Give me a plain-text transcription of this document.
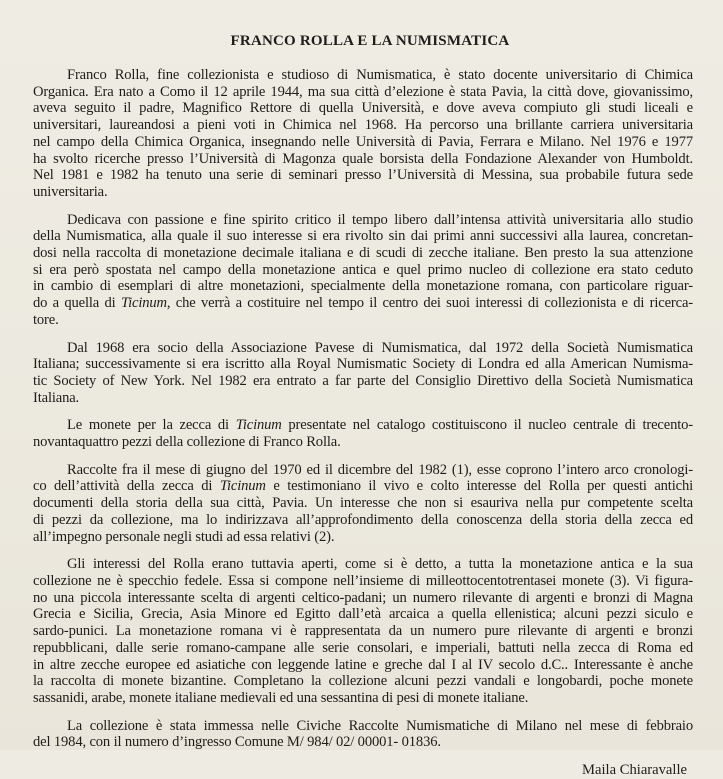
FRANCO ROLLA E LA NUMISMATICA
Franco Rolla, fine collezionista e studioso di Numismatica, è stato docente universitario di Chimica
Organica. Era nato a Como il 12 aprile 1944, ma sua città d’elezione è stata Pavia, la città dove, giovanissimo,
aveva seguito il padre, Magnifico Rettore di quella Università, e dove aveva compiuto gli studi liceali e
universitari, laureandosi a pieni voti in Chimica nel 1968. Ha percorso una brillante carriera universitaria
nel campo della Chimica Organica, insegnando nelle Università di Pavia, Ferrara e Milano. Nel 1976 e 1977
ha svolto ricerche presso l’Università di Magonza quale borsista della Fondazione Alexander von Humboldt.
Nel 1981 e 1982 ha tenuto una serie di seminari presso l’Università di Messina, sua probabile futura sede
universitaria.
Dedicava con passione e fine spirito critico il tempo libero dall’intensa attività universitaria allo studio
della Numismatica, alla quale il suo interesse si era rivolto sin dai primi anni successivi alla laurea, concretan-
dosi nella raccolta di monetazione decimale italiana e di scudi di zecche italiane. Ben presto la sua attenzione
si era però spostata nel campo della monetazione antica e quel primo nucleo di collezione era stato ceduto
in cambio di esemplari di altre monetazioni, specialmente della monetazione romana, con particolare riguar-
do a quella di Ticinum, che verrà a costituire nel tempo il centro dei suoi interessi di collezionista e di ricerca-
tore.
Dal 1968 era socio della Associazione Pavese di Numismatica, dal 1972 della Società Numismatica
Italiana; successivamente si era iscritto alla Royal Numismatic Society di Londra ed alla American Numisma-
tic Society of New York. Nel 1982 era entrato a far parte del Consiglio Direttivo della Società Numismatica
Italiana.
Le monete per la zecca di Ticinum presentate nel catalogo costituiscono il nucleo centrale di trecento-
novantaquattro pezzi della collezione di Franco Rolla.
Raccolte fra il mese di giugno del 1970 ed il dicembre del 1982 (1), esse coprono l’intero arco cronologi-
co dell’attività della zecca di Ticinum e testimoniano il vivo e colto interesse del Rolla per questi antichi
documenti della storia della sua città, Pavia. Un interesse che non si esauriva nella pur competente scelta
di pezzi da collezione, ma lo indirizzava all’approfondimento della conoscenza della storia della zecca ed
all’impegno personale negli studi ad essa relativi (2).
Gli interessi del Rolla erano tuttavia aperti, come si è detto, a tutta la monetazione antica e la sua
collezione ne è specchio fedele. Essa si compone nell’insieme di milleottocentotrentasei monete (3). Vi figura-
no una piccola interessante scelta di argenti celtico-padani; un numero rilevante di argenti e bronzi di Magna
Grecia e Sicilia, Grecia, Asia Minore ed Egitto dall’età arcaica a quella ellenistica; alcuni pezzi siculo e
sardo-punici. La monetazione romana vi è rappresentata da un numero pure rilevante di argenti e bronzi
repubblicani, dalle serie romano-campane alle serie consolari, e imperiali, battuti nella zecca di Roma ed
in altre zecche europee ed asiatiche con leggende latine e greche dal I al IV secolo d.C.. Interessante è anche
la raccolta di monete bizantine. Completano la collezione alcuni pezzi vandali e longobardi, poche monete
sassanidi, arabe, monete italiane medievali ed una sessantina di pesi di monete italiane.
La collezione è stata immessa nelle Civiche Raccolte Numismatiche di Milano nel mese di febbraio
del 1984, con il numero d’ingresso Comune M/ 984/ 02/ 00001- 01836.
Maila Chiaravalle
